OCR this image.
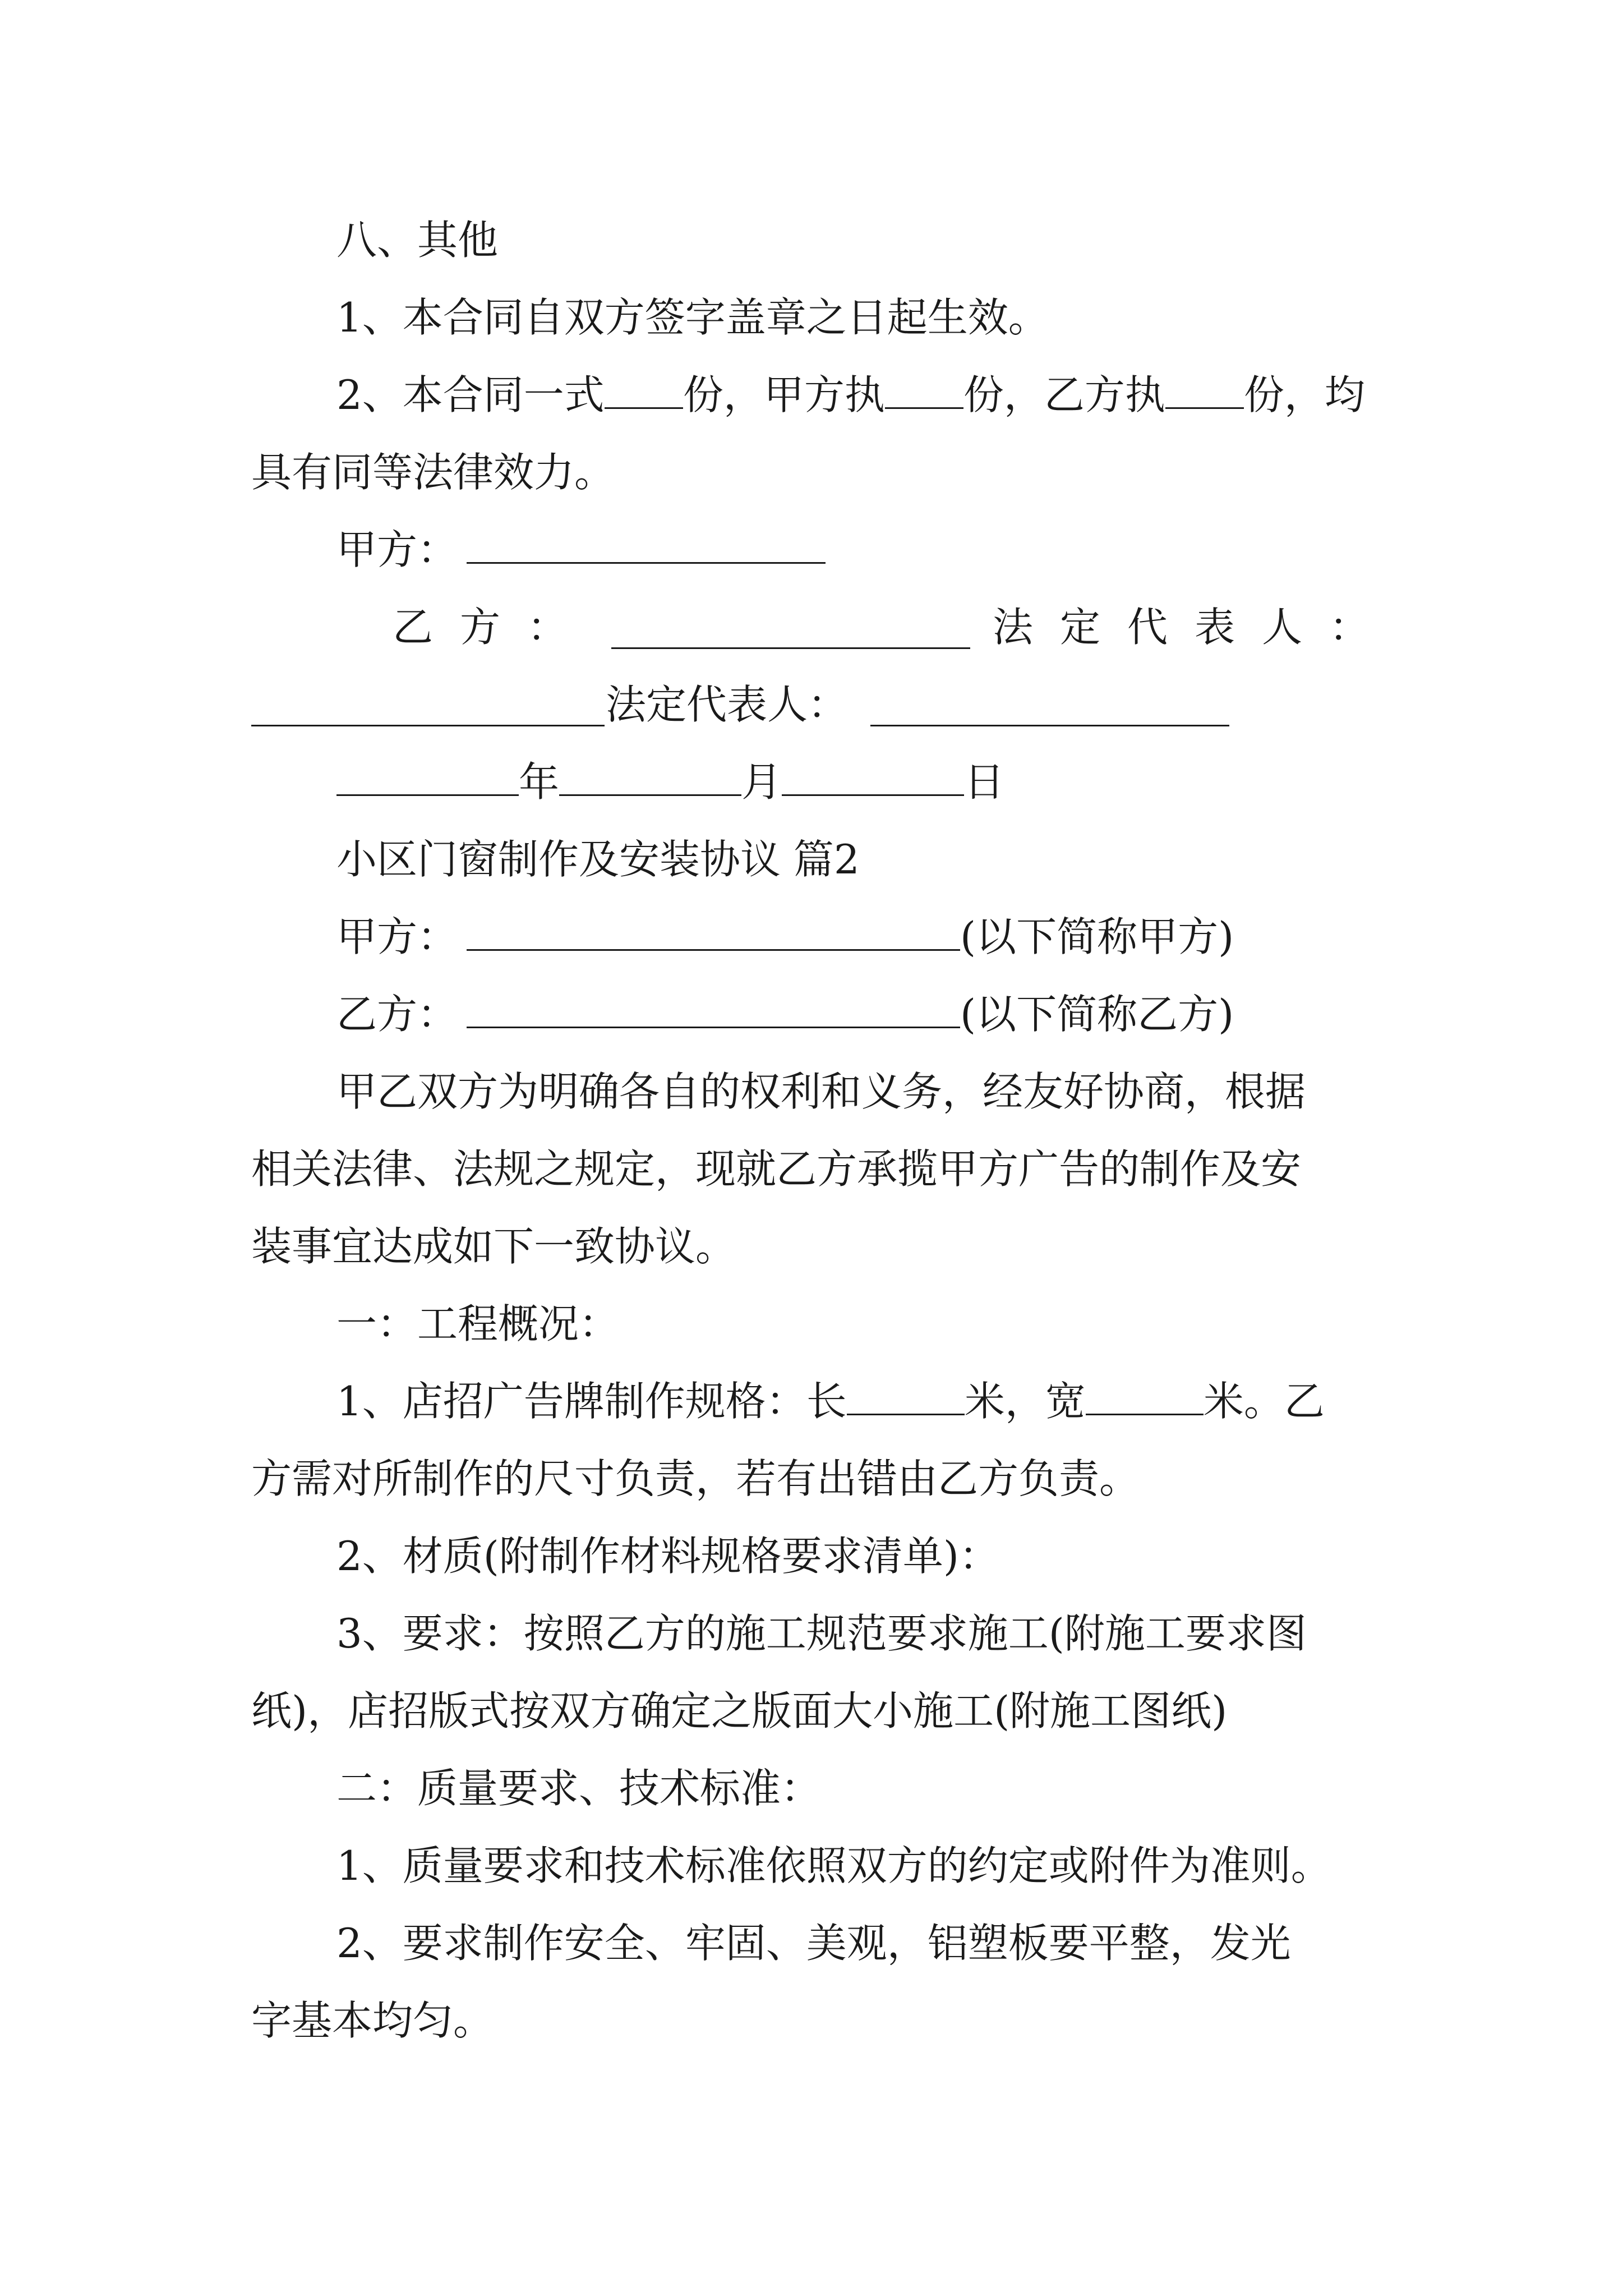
八、其他
1、本合同自双方签字盖章之日起生效。
2、本合同一式 份，甲方执 份，乙方执 份，均
具有同等法律效力。
甲方：
乙方：	法定代表人：
法定代表人：
年	月	日
小区门窗制作及安装协议 篇2
甲方：	(以下简称甲方)
乙方：	(以下简称乙方)
甲乙双方为明确各自的权利和义务，经友好协商，根据
相关法律、法规之规定，现就乙方承揽甲方广告的制作及安
装事宜达成如下一致协议。
一：工程概况：
1、店招广告牌制作规格：长	米，宽	米。乙
方需对所制作的尺寸负责，若有出错由乙方负责。
2、材质(附制作材料规格要求清单)：
3、要求：按照乙方的施工规范要求施工(附施工要求图
纸)，店招版式按双方确定之版面大小施工(附施工图纸)
二：质量要求、技术标准：
1、质量要求和技术标准依照双方的约定或附件为准则。
2、要求制作安全、牢固、美观，铝塑板要平整，发光
字基本均匀。
